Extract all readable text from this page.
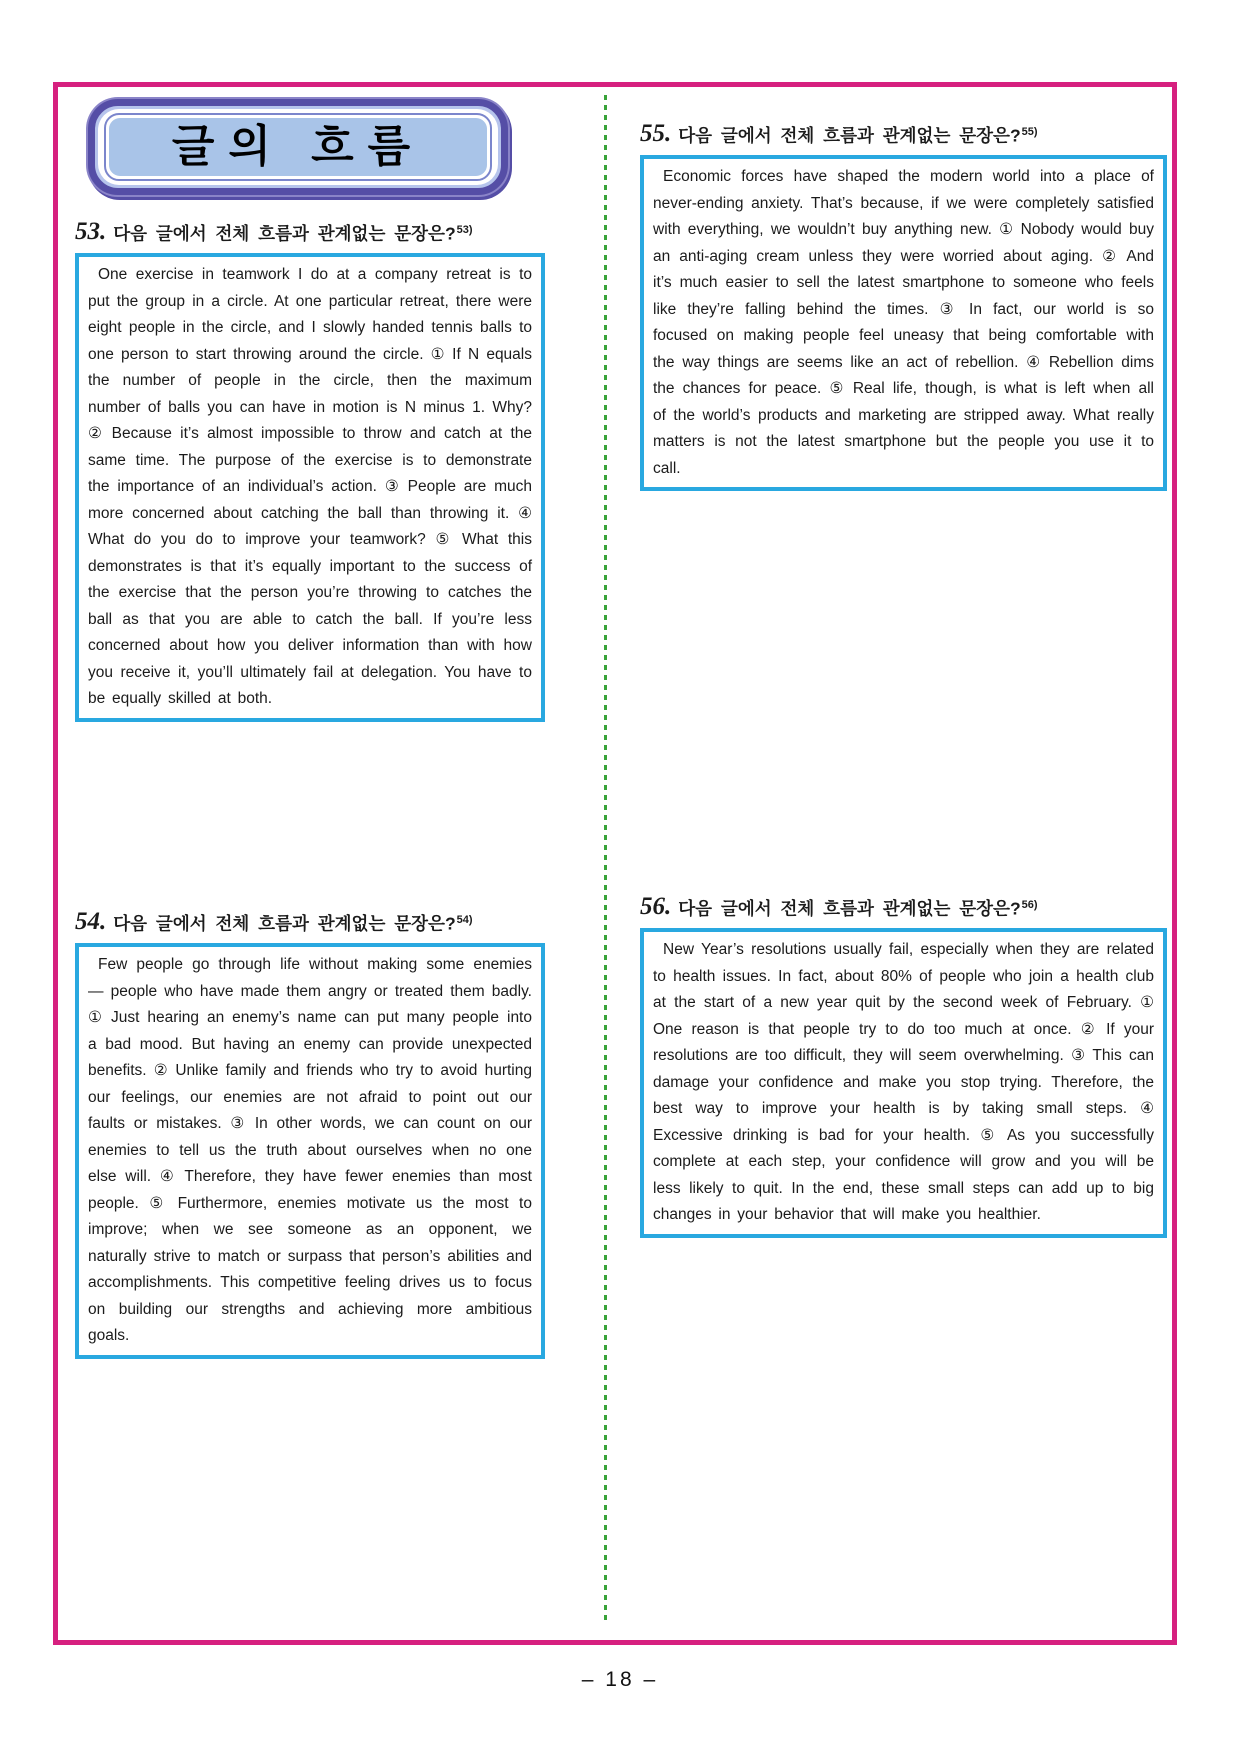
글의 흐름
53. 다음 글에서 전체 흐름과 관계없는 문장은?$^{53)}$

One exercise in teamwork I do at a company retreat is to put the group in a circle. At one particular retreat, there were eight people in the circle, and I slowly handed tennis balls to one person to start throwing around the circle. ① If N equals the number of people in the circle, then the maximum number of balls you can have in motion is N minus 1. Why? ② Because it’s almost impossible to throw and catch at the same time. The purpose of the exercise is to demonstrate the importance of an individual’s action. ③ People are much more concerned about catching the ball than throwing it. ④ What do you do to improve your teamwork? ⑤ What this demonstrates is that it’s equally important to the success of the exercise that the person you’re throwing to catches the ball as that you are able to catch the ball. If you’re less concerned about how you deliver information than with how you receive it, you’ll ultimately fail at delegation. You have to be equally skilled at both.

54. 다음 글에서 전체 흐름과 관계없는 문장은?$^{54)}$

Few people go through life without making some enemies — people who have made them angry or treated them badly. ① Just hearing an enemy’s name can put many people into a bad mood. But having an enemy can provide unexpected benefits. ② Unlike family and friends who try to avoid hurting our feelings, our enemies are not afraid to point out our faults or mistakes. ③ In other words, we can count on our enemies to tell us the truth about ourselves when no one else will. ④ Therefore, they have fewer enemies than most people. ⑤ Furthermore, enemies motivate us the most to improve; when we see someone as an opponent, we naturally strive to match or surpass that person’s abilities and accomplishments. This competitive feeling drives us to focus on building our strengths and achieving more ambitious goals.

55. 다음 글에서 전체 흐름과 관계없는 문장은?$^{55)}$

Economic forces have shaped the modern world into a place of never-ending anxiety. That’s because, if we were completely satisfied with everything, we wouldn’t buy anything new. ① Nobody would buy an anti-aging cream unless they were worried about aging. ② And it’s much easier to sell the latest smartphone to someone who feels like they’re falling behind the times. ③ In fact, our world is so focused on making people feel uneasy that being comfortable with the way things are seems like an act of rebellion. ④ Rebellion dims the chances for peace. ⑤ Real life, though, is what is left when all of the world’s products and marketing are stripped away. What really matters is not the latest smartphone but the people you use it to call.

56. 다음 글에서 전체 흐름과 관계없는 문장은?$^{56)}$

New Year’s resolutions usually fail, especially when they are related to health issues. In fact, about 80% of people who join a health club at the start of a new year quit by the second week of February. ① One reason is that people try to do too much at once. ② If your resolutions are too difficult, they will seem overwhelming. ③ This can damage your confidence and make you stop trying. Therefore, the best way to improve your health is by taking small steps. ④ Excessive drinking is bad for your health. ⑤ As you successfully complete at each step, your confidence will grow and you will be less likely to quit. In the end, these small steps can add up to big changes in your behavior that will make you healthier.

– 18 –
